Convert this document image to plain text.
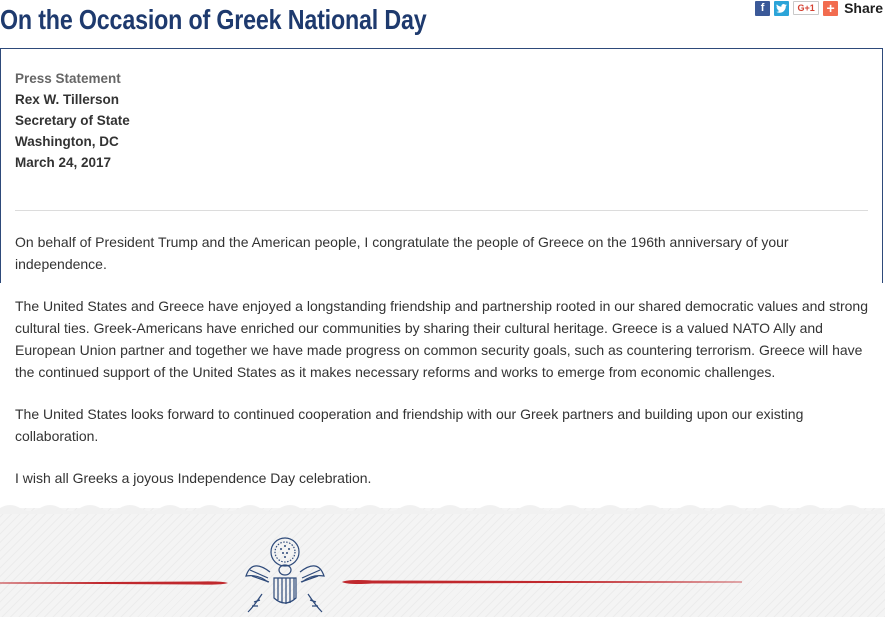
On the Occasion of Greek National Day	f	G+1 + Share
Press Statement
Rex W. Tillerson
Secretary of State
Washington, DC
March 24, 2017

On behalf of President Trump and the American people, I congratulate the people of Greece on the 196th anniversary of your independence.

The United States and Greece have enjoyed a longstanding friendship and partnership rooted in our shared democratic values and strong cultural ties. Greek-Americans have enriched our communities by sharing their cultural heritage. Greece is a valued NATO Ally and European Union partner and together we have made progress on common security goals, such as countering terrorism. Greece will have the continued support of the United States as it makes necessary reforms and works to emerge from economic challenges.

The United States looks forward to continued cooperation and friendship with our Greek partners and building upon our existing collaboration.

I wish all Greeks a joyous Independence Day celebration.
